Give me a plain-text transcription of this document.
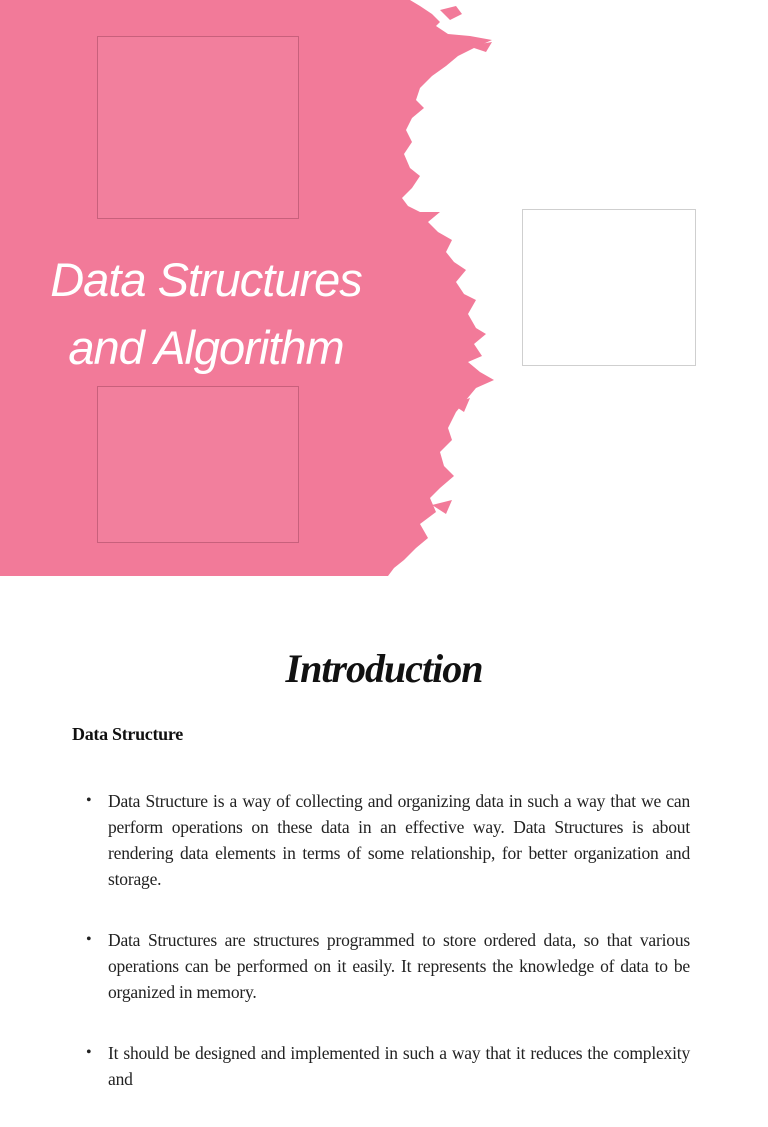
Data Structures
and Algorithm
Introduction
Data Structure
• Data Structure is a way of collecting and organizing data in such a way that we can perform operations on these data in an effective way. Data Structures is about rendering data elements in terms of some relationship, for better organization and storage.
• Data Structures are structures programmed to store ordered data, so that various operations can be performed on it easily. It represents the knowledge of data to be organized in memory.
• It should be designed and implemented in such a way that it reduces the complexity and
